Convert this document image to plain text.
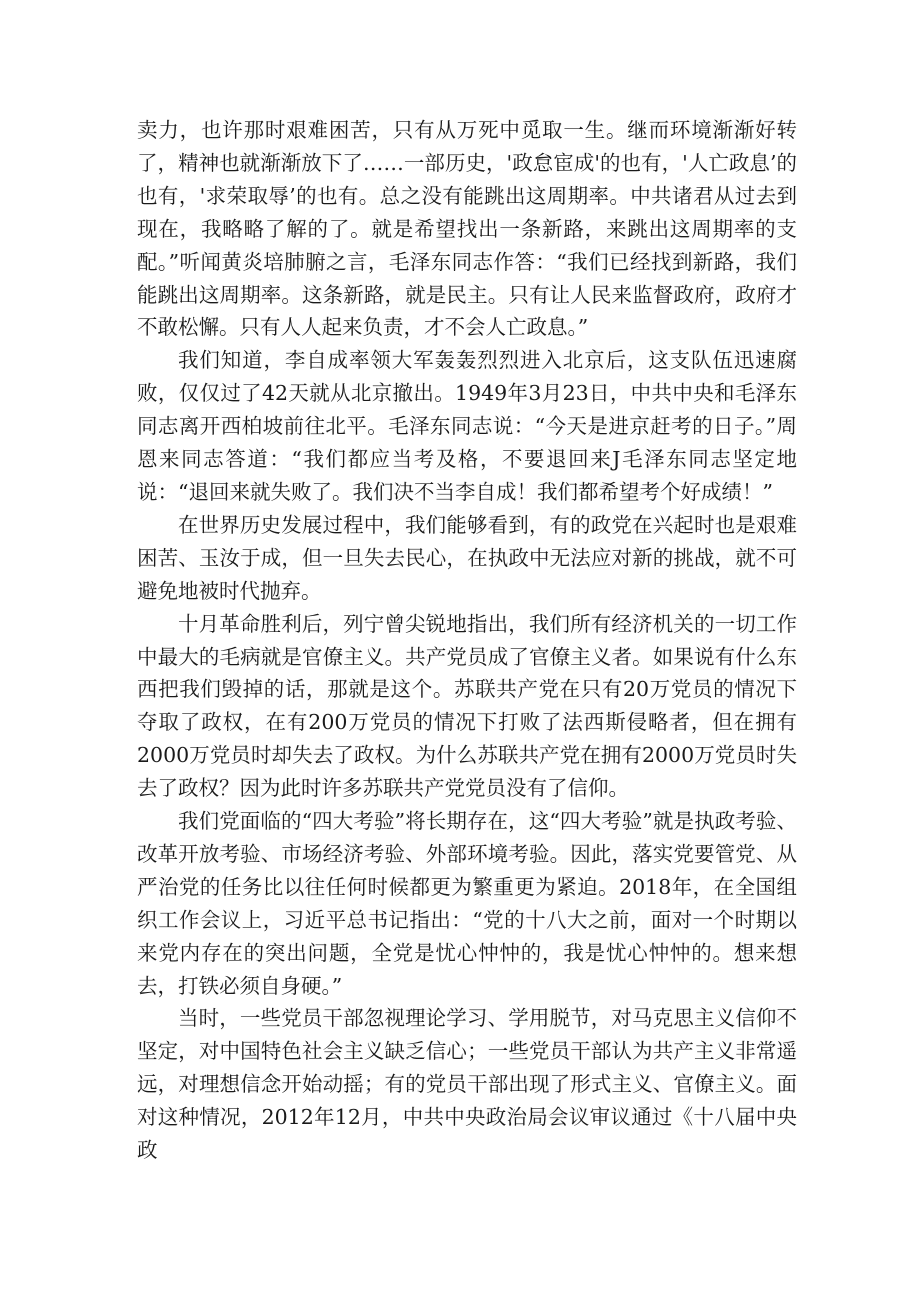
卖力，也许那时艰难困苦，只有从万死中觅取一生。继而环境渐渐好转了，精神也就渐渐放下了……一部历史，'政怠宦成'的也有，'人亡政息’的也有，'求荣取辱’的也有。总之没有能跳出这周期率。中共诸君从过去到现在，我略略了解的了。就是希望找出一条新路，来跳出这周期率的支配。”听闻黄炎培肺腑之言，毛泽东同志作答：“我们已经找到新路，我们能跳出这周期率。这条新路，就是民主。只有让人民来监督政府，政府才不敢松懈。只有人人起来负责，才不会人亡政息。”

我们知道，李自成率领大军轰轰烈烈进入北京后，这支队伍迅速腐败，仅仅过了42天就从北京撤出。1949年3月23日，中共中央和毛泽东同志离开西柏坡前往北平。毛泽东同志说：“今天是进京赶考的日子。”周恩来同志答道：“我们都应当考及格，不要退回来J毛泽东同志坚定地说：“退回来就失败了。我们决不当李自成！我们都希望考个好成绩！”

在世界历史发展过程中，我们能够看到，有的政党在兴起时也是艰难困苦、玉汝于成，但一旦失去民心，在执政中无法应对新的挑战，就不可避免地被时代抛弃。

十月革命胜利后，列宁曾尖锐地指出，我们所有经济机关的一切工作中最大的毛病就是官僚主义。共产党员成了官僚主义者。如果说有什么东西把我们毁掉的话，那就是这个。苏联共产党在只有20万党员的情况下夺取了政权，在有200万党员的情况下打败了法西斯侵略者，但在拥有2000万党员时却失去了政权。为什么苏联共产党在拥有2000万党员时失去了政权？因为此时许多苏联共产党党员没有了信仰。

我们党面临的“四大考验”将长期存在，这“四大考验”就是执政考验、改革开放考验、市场经济考验、外部环境考验。因此，落实党要管党、从严治党的任务比以往任何时候都更为繁重更为紧迫。2018年，在全国组织工作会议上，习近平总书记指出：“党的十八大之前，面对一个时期以来党内存在的突出问题，全党是忧心忡忡的，我是忧心忡忡的。想来想去，打铁必须自身硬。”

当时，一些党员干部忽视理论学习、学用脱节，对马克思主义信仰不坚定，对中国特色社会主义缺乏信心；一些党员干部认为共产主义非常遥远，对理想信念开始动摇；有的党员干部出现了形式主义、官僚主义。面对这种情况，2012年12月，中共中央政治局会议审议通过《十八届中央政
